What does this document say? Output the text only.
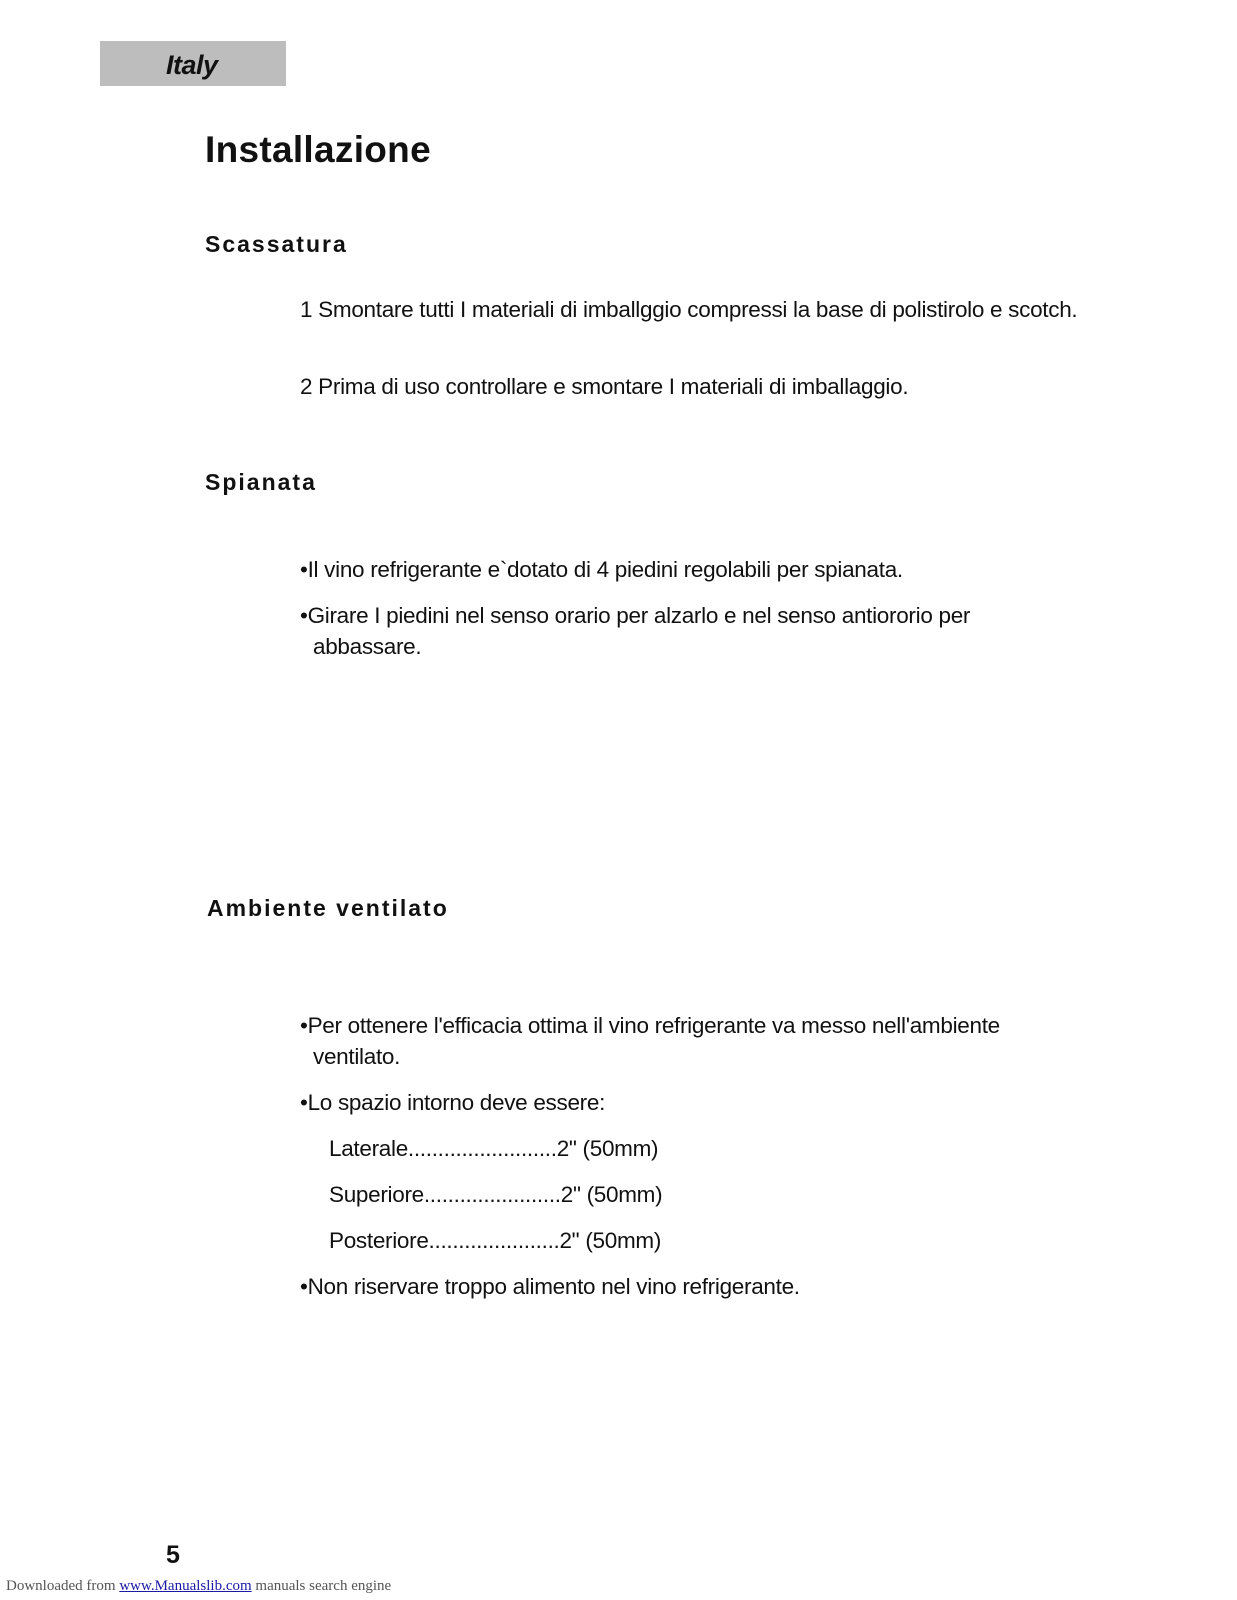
Italy
Installazione
Scassatura

1 Smontare tutti I materiali di imballggio compressi la base di polistirolo e scotch.

2 Prima di uso controllare e smontare I materiali di imballaggio.

Spianata

•Il vino refrigerante e`dotato di 4 piedini regolabili per spianata.

•Girare I piedini nel senso orario per alzarlo e nel senso antiororio per abbassare.

Ambiente ventilato

•Per ottenere l'efficacia ottima il vino refrigerante va messo nell'ambiente ventilato.

•Lo spazio intorno deve essere:

Laterale.........................2" (50mm)

Superiore.......................2" (50mm)

Posteriore......................2" (50mm)

•Non riservare troppo alimento nel vino refrigerante.

5
Downloaded from www.Manualslib.com manuals search engine
